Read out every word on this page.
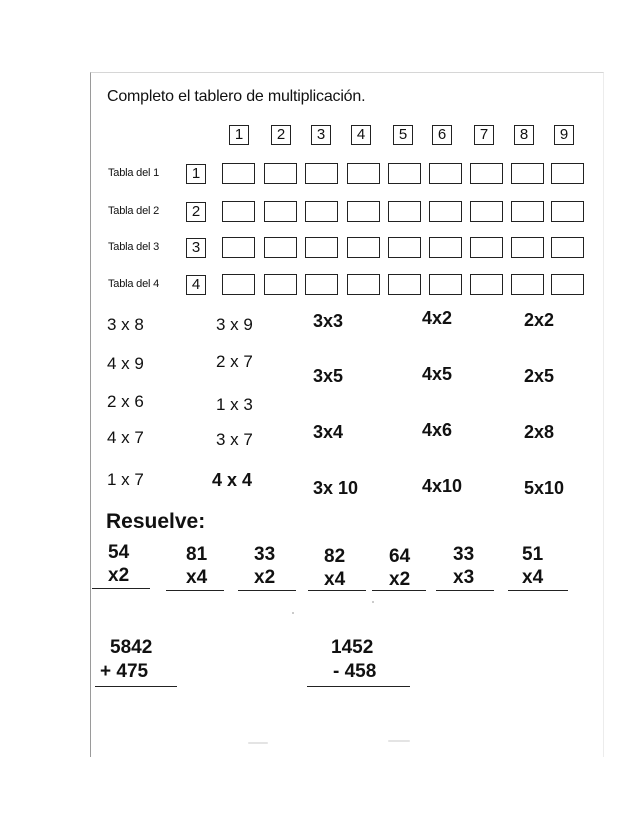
Completo el tablero de multiplicación.
1	2	3	4	5	6	7	8	9
Tabla del 1	1
Tabla del 2	2
Tabla del 3	3
Tabla del 4	4
3 x 8
4 x 9
2 x 6
4 x 7
1 x 7
3 x 9
2 x 7
1 x 3
3 x 7
4 x 4
3x3
3x5
3x4
3x 10
4x2
4x5
4x6
4x10
2x2
2x5
2x8
5x10
Resuelve:
54
x2
81
x4
33
x2
82
x4
64
x2
33
x3
51
x4
5842
+ 475
1452
- 458
